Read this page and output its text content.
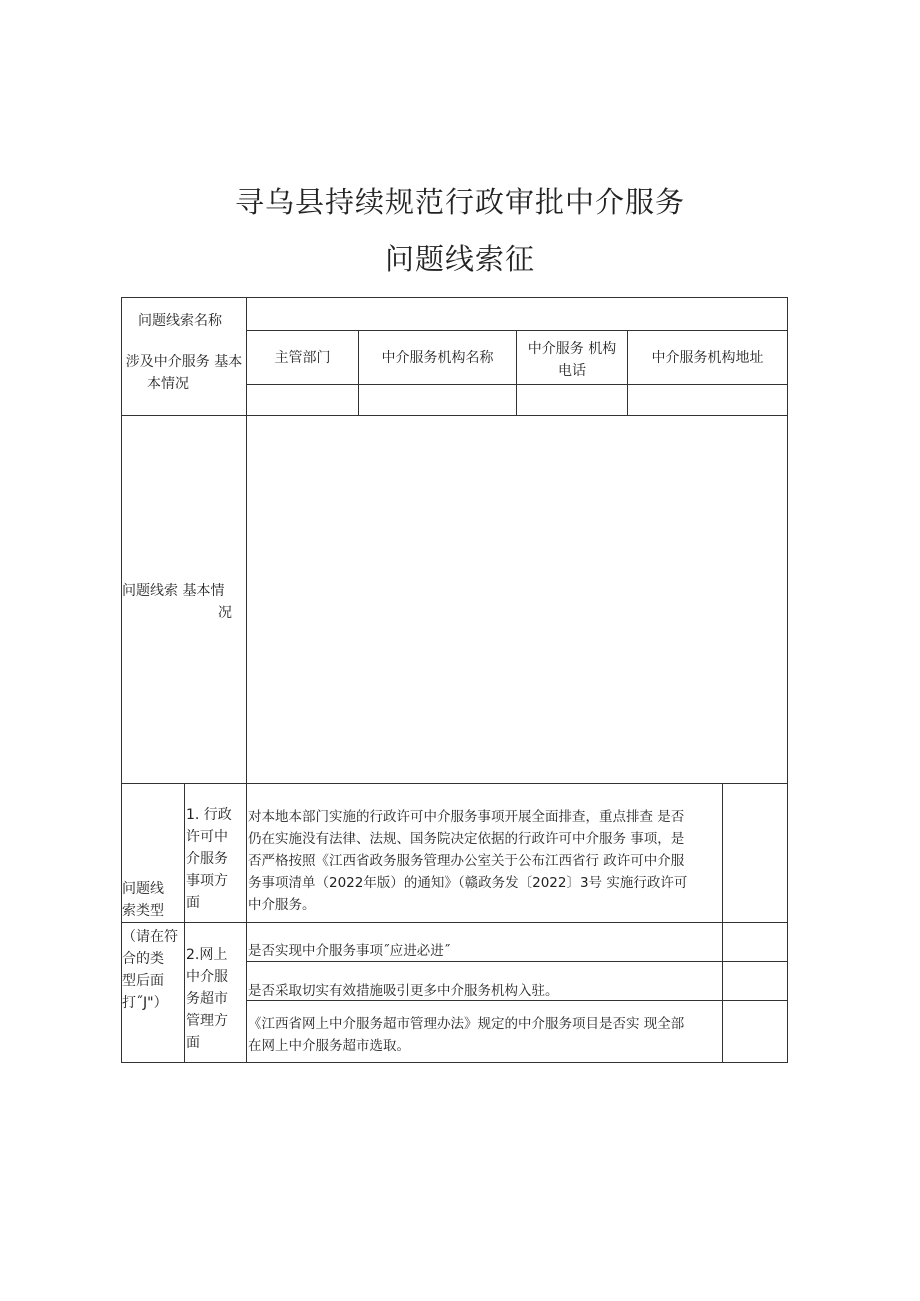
寻乌县持续规范行政审批中介服务
问题线索征
问题线索名称
涉及中介服务 基本
本情况
主管部门	中介服务机构名称
中介服务 机构
电话
中介服务机构地址
问题线索 基本情
况
问题线
索类型
（请在符
合的类
型后面
打˝J"）
1. 行政
许可中
介服务
事项方
面
对本地本部门实施的行政许可中介服务事项开展全面排查，重点排查 是否
仍在实施没有法律、法规、国务院决定依据的行政许可中介服务 事项，是
否严格按照《江西省政务服务管理办公室关于公布江西省行 政许可中介服
务事项清单（2022年版）的通知》（赣政务发〔2022〕3号 实施行政许可
中介服务。
2.网上
中介服
务超市
管理方
面
是否实现中介服务事项˝应进必进˝
是否采取切实有效措施吸引更多中介服务机构入驻。
《江西省网上中介服务超市管理办法》规定的中介服务项目是否实 现全部
在网上中介服务超市选取。
